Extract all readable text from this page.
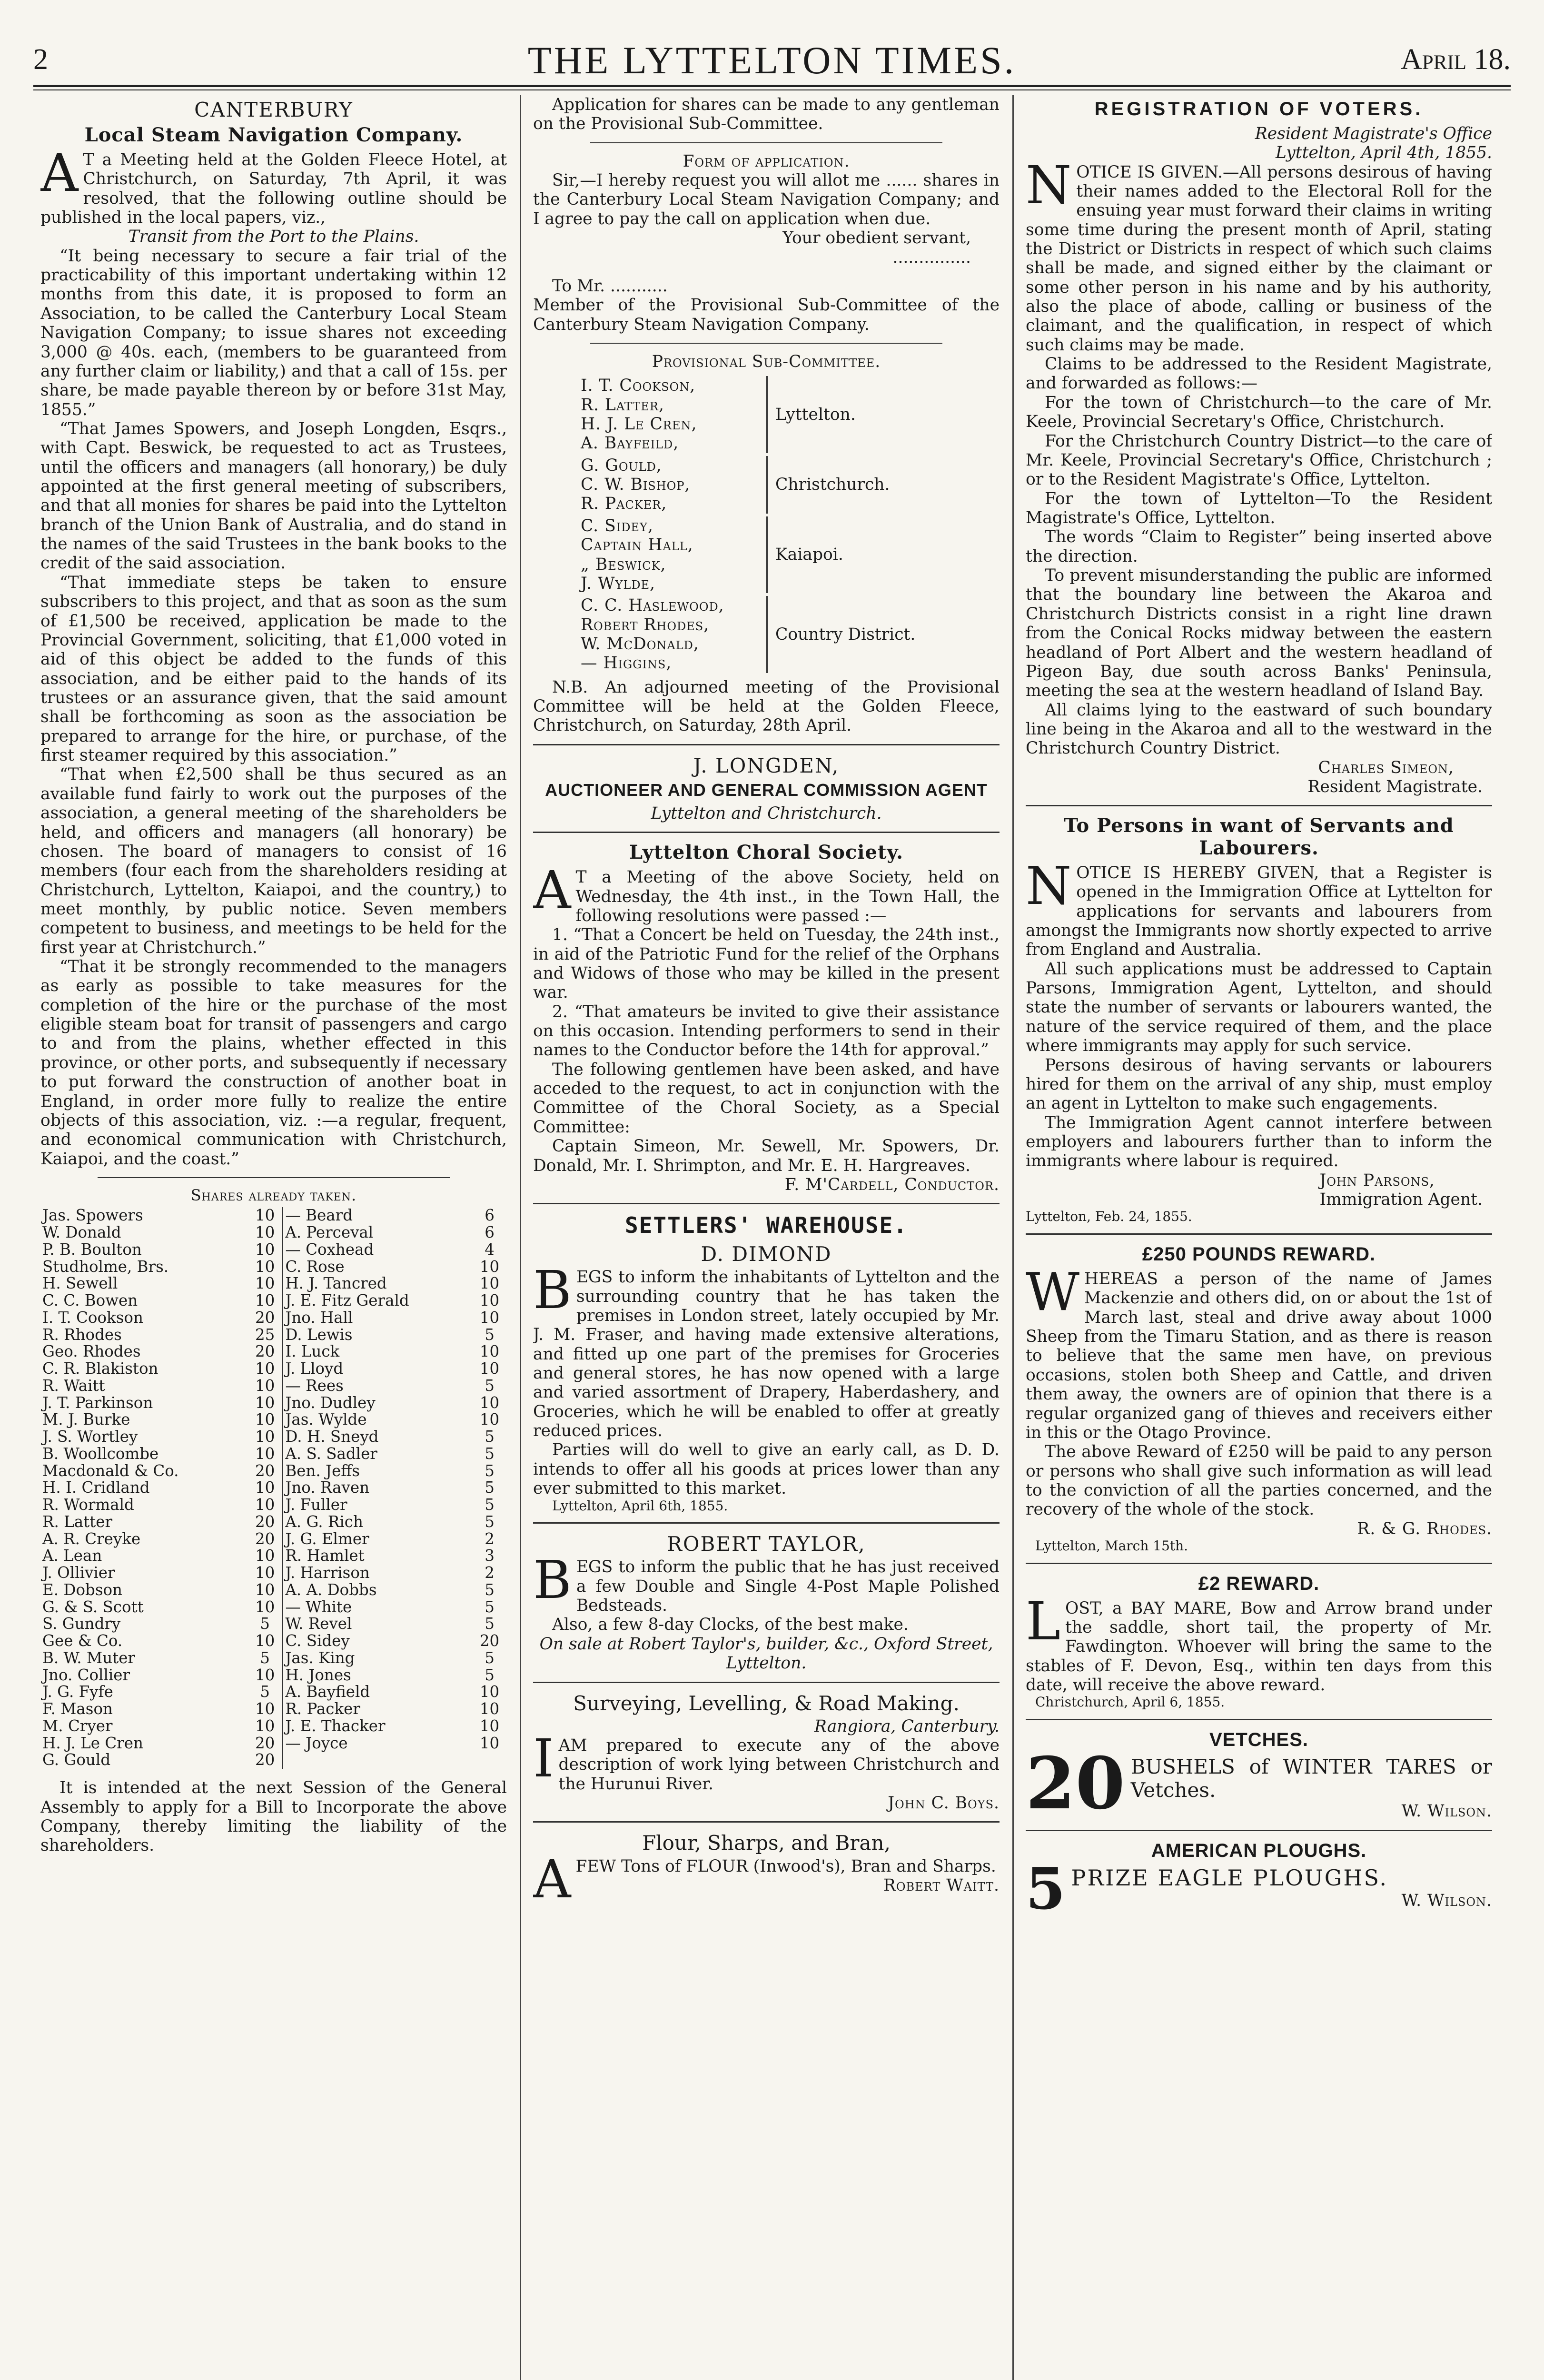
2	THE LYTTELTON TIMES.	April 18.
CANTERBURY
Local Steam Navigation Company.

A T a Meeting held at the Golden Fleece Hotel, at Christchurch, on Saturday, 7th April, it was resolved, that the following outline should be published in the local papers, viz.,

Transit from the Port to the Plains.

“It being necessary to secure a fair trial of the practicability of this important undertaking within 12 months from this date, it is proposed to form an Association, to be called the Canterbury Local Steam Navigation Company; to issue shares not exceeding 3,000 @ 40s. each, (members to be guaranteed from any further claim or liability,) and that a call of 15s. per share, be made payable thereon by or before 31st May, 1855.”

“That James Spowers, and Joseph Longden, Esqrs., with Capt. Beswick, be requested to act as Trustees, until the officers and managers (all honorary,) be duly appointed at the first general meeting of subscribers, and that all monies for shares be paid into the Lyttelton branch of the Union Bank of Australia, and do stand in the names of the said Trustees in the bank books to the credit of the said association.

“That immediate steps be taken to ensure subscribers to this project, and that as soon as the sum of £1,500 be received, application be made to the Provincial Government, soliciting, that £1,000 voted in aid of this object be added to the funds of this association, and be either paid to the hands of its trustees or an assurance given, that the said amount shall be forthcoming as soon as the association be prepared to arrange for the hire, or purchase, of the first steamer required by this association.”

“That when £2,500 shall be thus secured as an available fund fairly to work out the purposes of the association, a general meeting of the shareholders be held, and officers and managers (all honorary) be chosen. The board of managers to consist of 16 members (four each from the shareholders residing at Christchurch, Lyttelton, Kaiapoi, and the country,) to meet monthly, by public notice. Seven members competent to business, and meetings to be held for the first year at Christchurch.”

“That it be strongly recommended to the managers as early as possible to take measures for the completion of the hire or the purchase of the most eligible steam boat for transit of passengers and cargo to and from the plains, whether effected in this province, or other ports, and subsequently if necessary to put forward the construction of another boat in England, in order more fully to realize the entire objects of this association, viz. :—a regular, frequent, and economical communication with Christchurch, Kaiapoi, and the coast.”

Shares already taken.
Jas. Spowers	10	— Beard	6
W. Donald	10	A. Perceval	6
P. B. Boulton	10	— Coxhead	4
Studholme, Brs.	10	C. Rose	10
H. Sewell	10	H. J. Tancred	10
C. C. Bowen	10	J. E. Fitz Gerald	10
I. T. Cookson	20	Jno. Hall	10
R. Rhodes	25	D. Lewis	5
Geo. Rhodes	20	I. Luck	10
C. R. Blakiston	10	J. Lloyd	10
R. Waitt	10	— Rees	5
J. T. Parkinson	10	Jno. Dudley	10
M. J. Burke	10	Jas. Wylde	10
J. S. Wortley	10	D. H. Sneyd	5
B. Woollcombe	10	A. S. Sadler	5
Macdonald & Co.	20	Ben. Jeffs	5
H. I. Cridland	10	Jno. Raven	5
R. Wormald	10	J. Fuller	5
R. Latter	20	A. G. Rich	5
A. R. Creyke	20	J. G. Elmer	2
A. Lean	10	R. Hamlet	3
J. Ollivier	10	J. Harrison	2
E. Dobson	10	A. A. Dobbs	5
G. & S. Scott	10	— White	5
S. Gundry	5	W. Revel	5
Gee & Co.	10	C. Sidey	20
B. W. Muter	5	Jas. King	5
Jno. Collier	10	H. Jones	5
J. G. Fyfe	5	A. Bayfield	10
F. Mason	10	R. Packer	10
M. Cryer	10	J. E. Thacker	10
H. J. Le Cren	20	— Joyce	10
G. Gould	20		

It is intended at the next Session of the General Assembly to apply for a Bill to Incorporate the above Company, thereby limiting the liability of the shareholders.

Application for shares can be made to any gentleman on the Provisional Sub-Committee.

Form of application.

Sir,—I hereby request you will allot me ...... shares in the Canterbury Local Steam Navigation Company; and I agree to pay the call on application when due.

Your obedient servant,

...............

To Mr. ...........

Member of the Provisional Sub-Committee of the Canterbury Steam Navigation Company.

Provisional Sub-Committee.

I. T. Cookson,	Lyttelton.
R. Latter,
H. J. Le Cren,
A. Bayfeild,
G. Gould,	Christchurch.
C. W. Bishop,
R. Packer,
C. Sidey,	Kaiapoi.
Captain Hall,
„ Beswick,
J. Wylde,
C. C. Haslewood,	Country District.
Robert Rhodes,
W. McDonald,
— Higgins,

N.B. An adjourned meeting of the Provisional Committee will be held at the Golden Fleece, Christchurch, on Saturday, 28th April.

J. LONGDEN,
AUCTIONEER AND GENERAL COMMISSION AGENT

Lyttelton and Christchurch.

Lyttelton Choral Society.

A T a Meeting of the above Society, held on Wednesday, the 4th inst., in the Town Hall, the following resolutions were passed :—

1. “That a Concert be held on Tuesday, the 24th inst., in aid of the Patriotic Fund for the relief of the Orphans and Widows of those who may be killed in the present war.

2. “That amateurs be invited to give their assistance on this occasion. Intending performers to send in their names to the Conductor before the 14th for approval.”

The following gentlemen have been asked, and have acceded to the request, to act in conjunction with the Committee of the Choral Society, as a Special Committee:

Captain Simeon, Mr. Sewell, Mr. Spowers, Dr. Donald, Mr. I. Shrimpton, and Mr. E. H. Hargreaves.

F. M'Cardell, Conductor.

SETTLERS' WAREHOUSE.
D. DIMOND

BEGS to inform the inhabitants of Lyttelton and the surrounding country that he has taken the premises in London street, lately occupied by Mr. J. M. Fraser, and having made extensive alterations, and fitted up one part of the premises for Groceries and general stores, he has now opened with a large and varied assortment of Drapery, Haberdashery, and Groceries, which he will be enabled to offer at greatly reduced prices.

Parties will do well to give an early call, as D. D. intends to offer all his goods at prices lower than any ever submitted to this market.

Lyttelton, April 6th, 1855.

ROBERT TAYLOR,

BEGS to inform the public that he has just received a few Double and Single 4-Post Maple Polished Bedsteads.

Also, a few 8-day Clocks, of the best make.

On sale at Robert Taylor's, builder, &c., Oxford Street, Lyttelton.

Surveying, Levelling, & Road Making.

Rangiora, Canterbury.

IAM prepared to execute any of the above description of work lying between Christchurch and the Hurunui River.

John C. Boys.

Flour, Sharps, and Bran,

AFEW Tons of FLOUR (Inwood's), Bran and Sharps.

Robert Waitt.

REGISTRATION OF VOTERS.

Resident Magistrate's Office

Lyttelton, April 4th, 1855.

NOTICE IS GIVEN.—All persons desirous of having their names added to the Electoral Roll for the ensuing year must forward their claims in writing some time during the present month of April, stating the District or Districts in respect of which such claims shall be made, and signed either by the claimant or some other person in his name and by his authority, also the place of abode, calling or business of the claimant, and the qualification, in respect of which such claims may be made.

Claims to be addressed to the Resident Magistrate, and forwarded as follows:—

For the town of Christchurch—to the care of Mr. Keele, Provincial Secretary's Office, Christchurch.

For the Christchurch Country District—to the care of Mr. Keele, Provincial Secretary's Office, Christchurch ; or to the Resident Magistrate's Office, Lyttelton.

For the town of Lyttelton—To the Resident Magistrate's Office, Lyttelton.

The words “Claim to Register” being inserted above the direction.

To prevent misunderstanding the public are informed that the boundary line between the Akaroa and Christchurch Districts consist in a right line drawn from the Conical Rocks midway between the eastern headland of Port Albert and the western headland of Pigeon Bay, due south across Banks' Peninsula, meeting the sea at the western headland of Island Bay.

All claims lying to the eastward of such boundary line being in the Akaroa and all to the westward in the Christchurch Country District.

Charles Simeon,

Resident Magistrate.

To Persons in want of Servants and Labourers.

NOTICE IS HEREBY GIVEN, that a Register is opened in the Immigration Office at Lyttelton for applications for servants and labourers from amongst the Immigrants now shortly expected to arrive from England and Australia.

All such applications must be addressed to Captain Parsons, Immigration Agent, Lyttelton, and should state the number of servants or labourers wanted, the nature of the service required of them, and the place where immigrants may apply for such service.

Persons desirous of having servants or labourers hired for them on the arrival of any ship, must employ an agent in Lyttelton to make such engagements.

The Immigration Agent cannot interfere between employers and labourers further than to inform the immigrants where labour is required.

John Parsons,

Immigration Agent.

Lyttelton, Feb. 24, 1855.

£250 POUNDS REWARD.

WHEREAS a person of the name of James Mackenzie and others did, on or about the 1st of March last, steal and drive away about 1000 Sheep from the Timaru Station, and as there is reason to believe that the same men have, on previous occasions, stolen both Sheep and Cattle, and driven them away, the owners are of opinion that there is a regular organized gang of thieves and receivers either in this or the Otago Province.

The above Reward of £250 will be paid to any person or persons who shall give such information as will lead to the conviction of all the parties concerned, and the recovery of the whole of the stock.

R. & G. Rhodes.

Lyttelton, March 15th.

£2 REWARD.

LOST, a BAY MARE, Bow and Arrow brand under the saddle, short tail, the property of Mr. Fawdington. Whoever will bring the same to the stables of F. Devon, Esq., within ten days from this date, will receive the above reward.

Christchurch, April 6, 1855.

VETCHES.
20 BUSHELS of WINTER TARES or Vetches.

W. Wilson.

AMERICAN PLOUGHS.
5 PRIZE EAGLE PLOUGHS.

W. Wilson.
